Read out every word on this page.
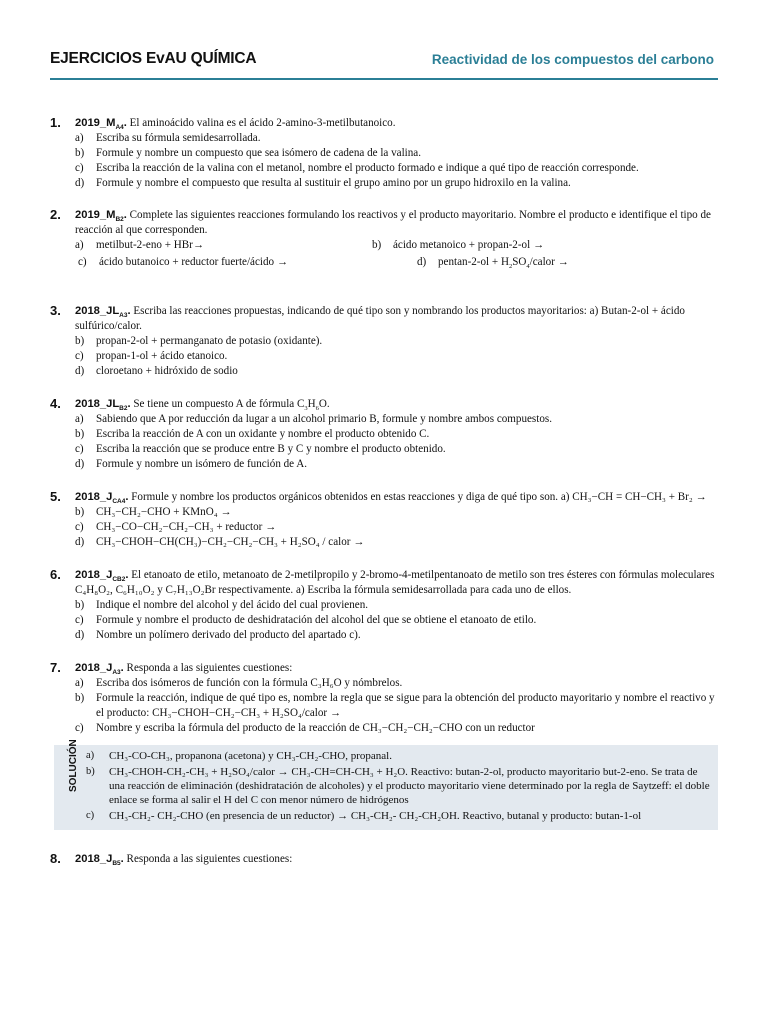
EJERCICIOS EvAU QUÍMICA	Reactividad de los compuestos del carbono
1. $2019\_M_{A4}$. El aminoácido valina es el ácido 2-amino-3-metilbutanoico.
a) Escriba su fórmula semidesarrollada.
b) Formule y nombre un compuesto que sea isómero de cadena de la valina.
c) Escriba la reacción de la valina con el metanol, nombre el producto formado e indique a qué tipo de reacción corresponde.
d) Formule y nombre el compuesto que resulta al sustituir el grupo amino por un grupo hidroxilo en la valina.
2. $2019\_M_{B2}$. Complete las siguientes reacciones formulando los reactivos y el producto mayoritario. Nombre el producto e identifique el tipo de reacción al que corresponden.
a) metilbut-2-eno + HBr→	b) ácido metanoico + propan-2-ol →
c) ácido butanoico + reductor fuerte/ácido →	d) $pentan-2-ol + H_2SO_4$/calor →
3. $2018\_JL_{A3}$. Escriba las reacciones propuestas, indicando de qué tipo son y nombrando los productos mayoritarios: a) Butan-2-ol + ácido sulfúrico/calor.
b) propan-2-ol + permanganato de potasio (oxidante).
c) propan-1-ol + ácido etanoico.
d) cloroetano + hidróxido de sodio
4. $2018\_JL_{B2}$. Se tiene un compuesto A de fórmula $C_3H_6O$.
a) Sabiendo que A por reducción da lugar a un alcohol primario B, formule y nombre ambos compuestos.
b) Escriba la reacción de A con un oxidante y nombre el producto obtenido C.
c) Escriba la reacción que se produce entre B y C y nombre el producto obtenido.
d) Formule y nombre un isómero de función de A.
5. $2018\_J_{CA4}$. Formule y nombre los productos orgánicos obtenidos en estas reacciones y diga de qué tipo son. a) CH₃−CH = CH−CH₃ + Br₂ →
b) CH₃−CH₂−CHO + KMnO₄ →
c) CH₃−CO−CH₂−CH₂−CH₃ + reductor →
d) CH₃−CHOH−CH(CH₃)−CH₂−CH₂−CH₃ + H₂SO₄ / calor →
6. $2018\_J_{CB2}$. El etanoato de etilo, metanoato de 2-metilpropilo y 2-bromo-4-metilpentanoato de metilo son tres ésteres con fórmulas moleculares C₄H₈O₂, C₆H₁₀O₂ y C₇H₁₃O₂Br respectivamente. a) Escriba la fórmula semidesarrollada para cada uno de ellos.
b) Indique el nombre del alcohol y del ácido del cual provienen.
c) Formule y nombre el producto de deshidratación del alcohol del que se obtiene el etanoato de etilo.
d) Nombre un polímero derivado del producto del apartado c).
7. $2018\_J_{A3}$. Responda a las siguientes cuestiones:
a) Escriba dos isómeros de función con la fórmula C₃H₆O y nómbrelos.
b) Formule la reacción, indique de qué tipo es, nombre la regla que se sigue para la obtención del producto mayoritario y nombre el reactivo y el producto: CH₃−CHOH−CH₂−CH₃ + H₂SO₄/calor →
c) Nombre y escriba la fórmula del producto de la reacción de CH₃−CH₂−CH₂−CHO con un reductor
SOLUCIÓN a) CH₃-CO-CH₃, propanona (acetona) y CH₃-CH₂-CHO, propanal.
b) CH₃-CHOH-CH₂-CH₃ + H₂SO₄/calor → CH₃-CH=CH-CH₃ + H₂O. Reactivo: butan-2-ol, producto mayoritario but-2-eno. Se trata de una reacción de eliminación (deshidratación de alcoholes) y el producto mayoritario viene determinado por la regla de Saytzeff: el doble enlace se forma al salir el H del C con menor número de hidrógenos
c) CH₃-CH₂- CH₂-CHO (en presencia de un reductor) → CH₃-CH₂- CH₂-CH₂OH. Reactivo, butanal y producto: butan-1-ol
8. $2018\_J_{B5}$. Responda a las siguientes cuestiones:
